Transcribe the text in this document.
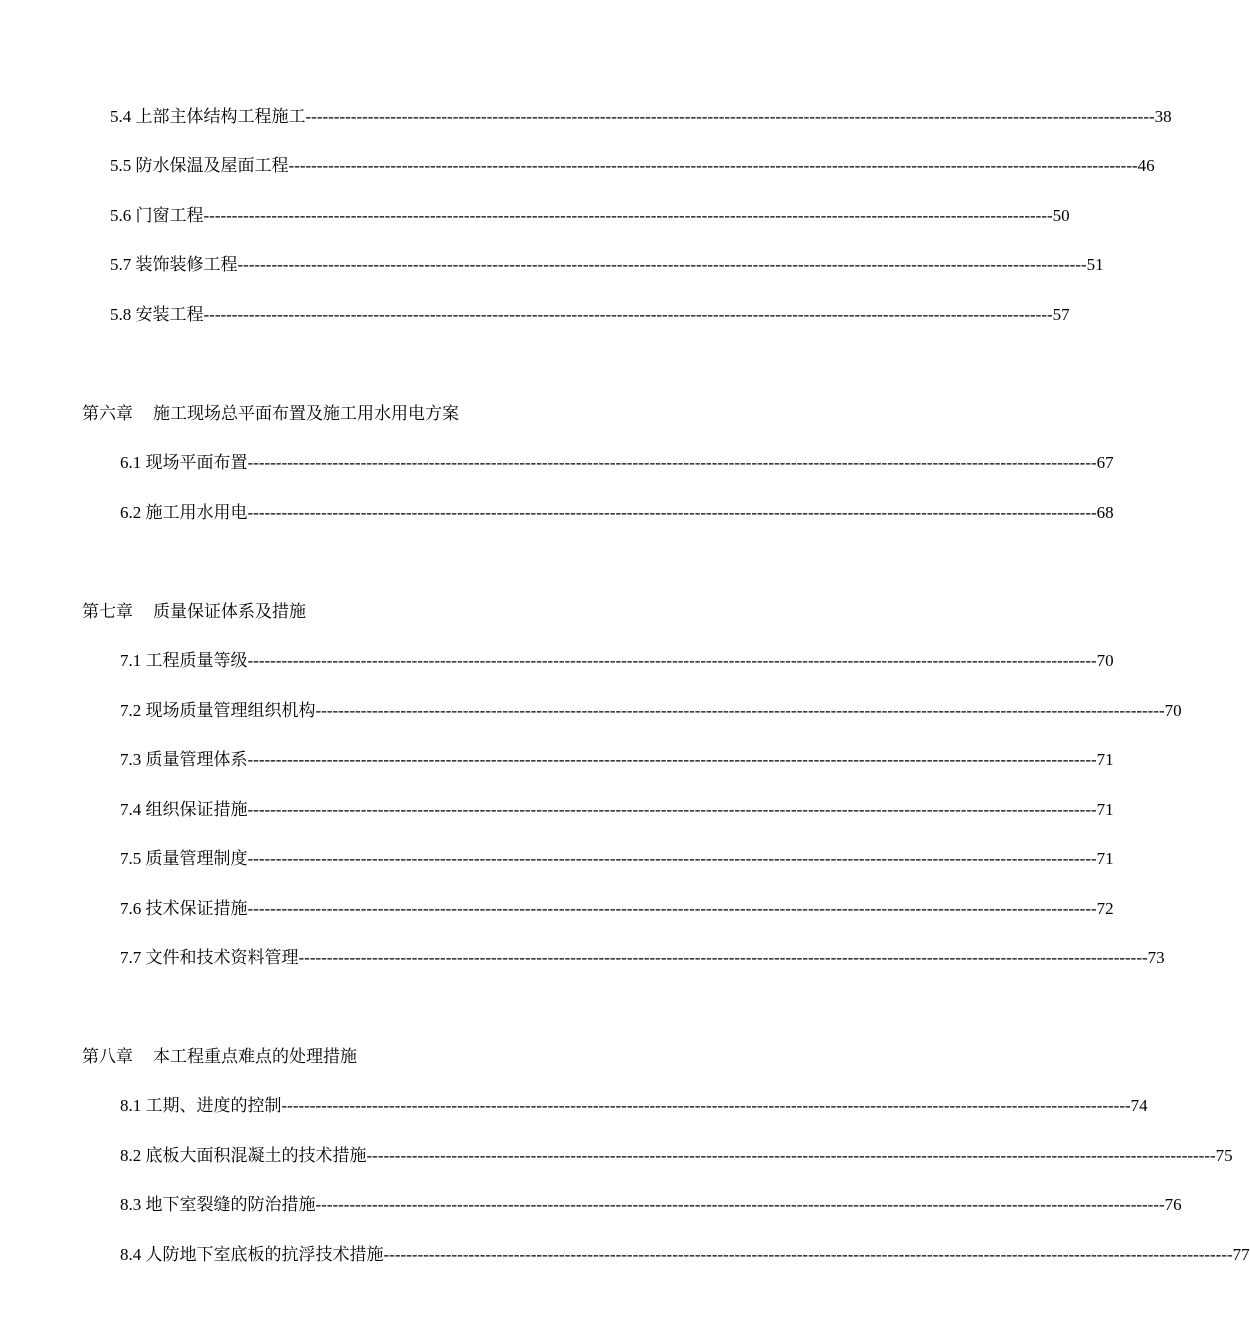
5.4 上部主体结构工程施工 ------------------------------------------------------------------------------------------------------------------------------------------------------ 38
5.5 防水保温及屋面工程 ------------------------------------------------------------------------------------------------------------------------------------------------------ 46
5.6 门窗工程 ------------------------------------------------------------------------------------------------------------------------------------------------------ 50
5.7 装饰装修工程 ------------------------------------------------------------------------------------------------------------------------------------------------------ 51
5.8 安装工程 ------------------------------------------------------------------------------------------------------------------------------------------------------ 57
第六章 施工现场总平面布置及施工用水用电方案
6.1 现场平面布置 ------------------------------------------------------------------------------------------------------------------------------------------------------ 67
6.2 施工用水用电 ------------------------------------------------------------------------------------------------------------------------------------------------------ 68
第七章 质量保证体系及措施
7.1 工程质量等级 ------------------------------------------------------------------------------------------------------------------------------------------------------ 70
7.2 现场质量管理组织机构 ------------------------------------------------------------------------------------------------------------------------------------------------------ 70
7.3 质量管理体系 ------------------------------------------------------------------------------------------------------------------------------------------------------ 71
7.4 组织保证措施 ------------------------------------------------------------------------------------------------------------------------------------------------------ 71
7.5 质量管理制度 ------------------------------------------------------------------------------------------------------------------------------------------------------ 71
7.6 技术保证措施 ------------------------------------------------------------------------------------------------------------------------------------------------------ 72
7.7 文件和技术资料管理 ------------------------------------------------------------------------------------------------------------------------------------------------------ 73
第八章 本工程重点难点的处理措施
8.1 工期、进度的控制 ------------------------------------------------------------------------------------------------------------------------------------------------------ 74
8.2 底板大面积混凝土的技术措施 ------------------------------------------------------------------------------------------------------------------------------------------------------ 75
8.3 地下室裂缝的防治措施 ------------------------------------------------------------------------------------------------------------------------------------------------------ 76
8.4 人防地下室底板的抗浮技术措施 ------------------------------------------------------------------------------------------------------------------------------------------------------ 77
